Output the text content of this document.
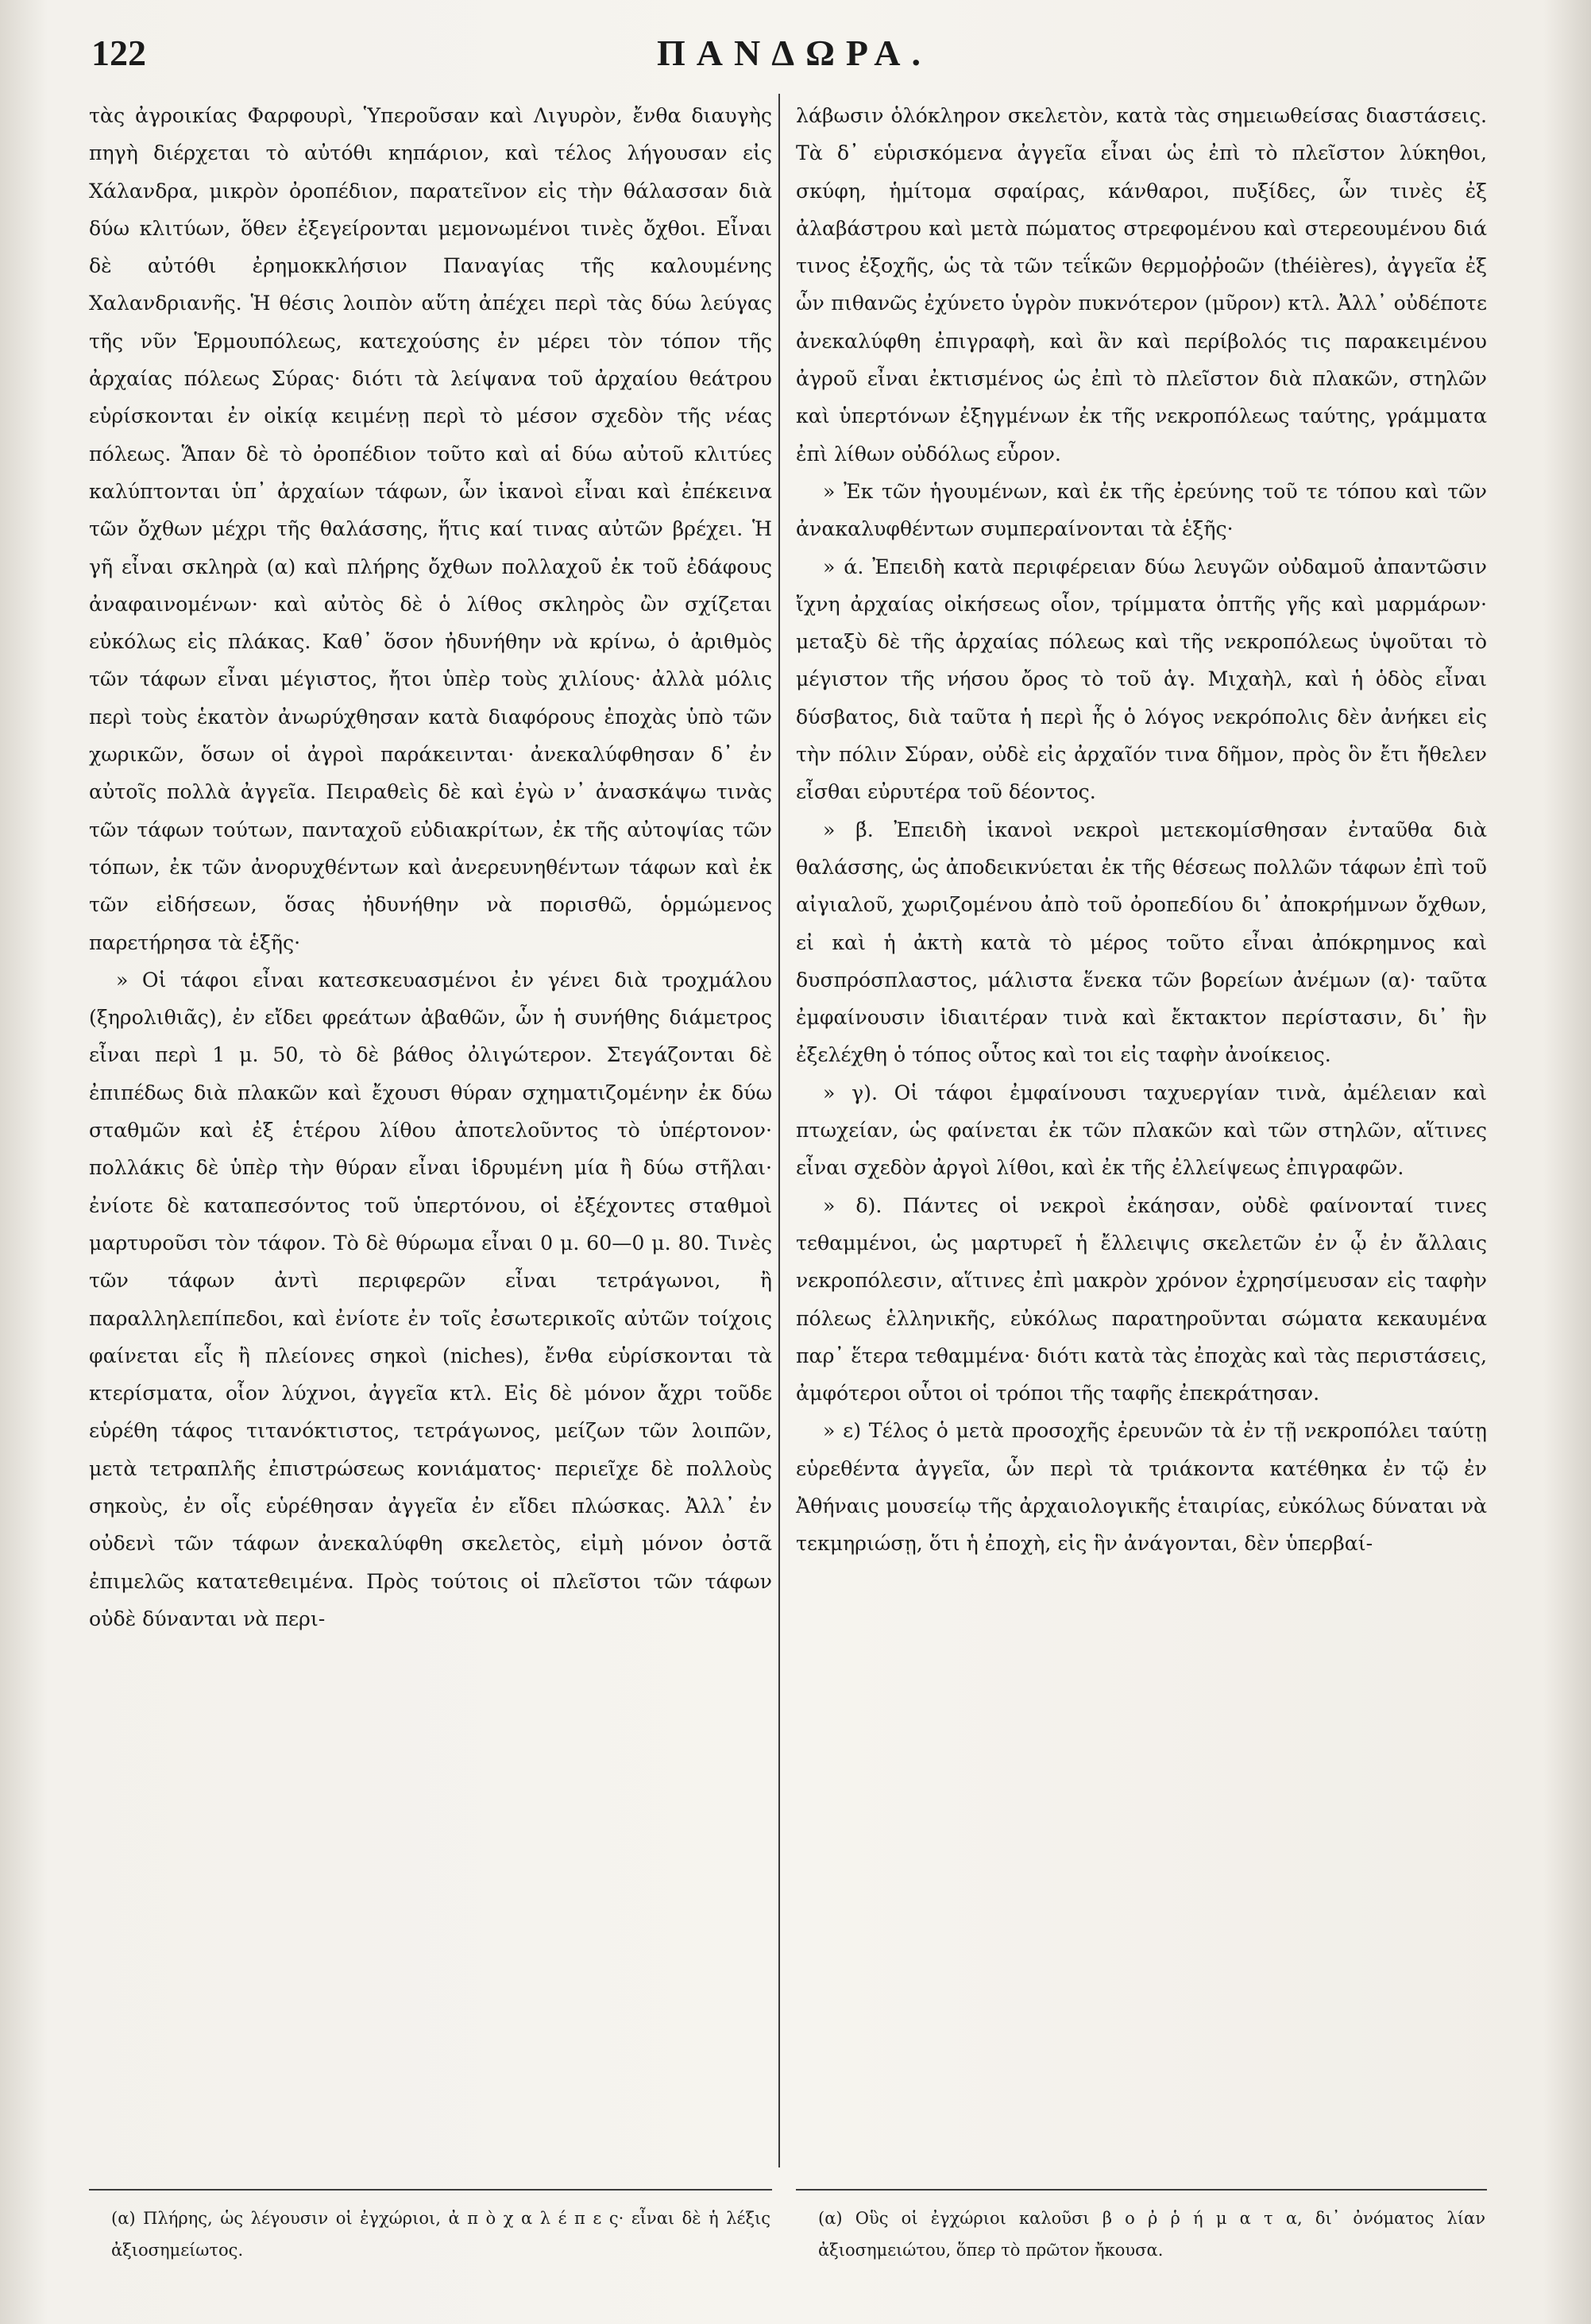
122	ΠΑΝΔΩΡΑ.

τὰς ἀγροικίας Φαρφουρὶ, Ὑπεροῦσαν καὶ Λιγυρὸν, ἔνθα διαυγὴς πηγὴ διέρχεται τὸ αὐτόθι κηπάριον, καὶ τέλος λήγουσαν εἰς Χάλανδρα, μικρὸν ὀροπέδιον, παρατεῖνον εἰς τὴν θάλασσαν διὰ δύω κλιτύων, ὅθεν ἐξεγείρονται μεμονωμένοι τινὲς ὄχθοι. Εἶναι δὲ αὐτόθι ἐρημοκκλήσιον Παναγίας τῆς καλουμένης Χαλανδριανῆς. Ἡ θέσις λοιπὸν αὕτη ἀπέχει περὶ τὰς δύω λεύγας τῆς νῦν Ἑρμουπόλεως, κατεχούσης ἐν μέρει τὸν τόπον τῆς ἀρχαίας πόλεως Σύρας· διότι τὰ λείψανα τοῦ ἀρχαίου θεάτρου εὑρίσκονται ἐν οἰκίᾳ κειμένῃ περὶ τὸ μέσον σχεδὸν τῆς νέας πόλεως. Ἅπαν δὲ τὸ ὀροπέδιον τοῦτο καὶ αἱ δύω αὐτοῦ κλιτύες καλύπτονται ὑπ᾽ ἀρχαίων τάφων, ὧν ἱκανοὶ εἶναι καὶ ἐπέκεινα τῶν ὄχθων μέχρι τῆς θαλάσσης, ἥτις καί τινας αὐτῶν βρέχει. Ἡ γῆ εἶναι σκληρὰ (α) καὶ πλήρης ὄχθων πολλαχοῦ ἐκ τοῦ ἐδάφους ἀναφαινομένων· καὶ αὐτὸς δὲ ὁ λίθος σκληρὸς ὢν σχίζεται εὐκόλως εἰς πλάκας. Καθ᾽ ὅσον ἠδυνήθην νὰ κρίνω, ὁ ἀριθμὸς τῶν τάφων εἶναι μέγιστος, ἤτοι ὑπὲρ τοὺς χιλίους· ἀλλὰ μόλις περὶ τοὺς ἑκατὸν ἀνωρύχθησαν κατὰ διαφόρους ἐποχὰς ὑπὸ τῶν χωρικῶν, ὅσων οἱ ἀγροὶ παράκεινται· ἀνεκαλύφθησαν δ᾽ ἐν αὐτοῖς πολλὰ ἀγγεῖα. Πειραθεὶς δὲ καὶ ἐγὼ ν᾽ ἀνασκάψω τινὰς τῶν τάφων τούτων, πανταχοῦ εὐδιακρίτων, ἐκ τῆς αὐτοψίας τῶν τόπων, ἐκ τῶν ἀνορυχθέντων καὶ ἀνερευνηθέντων τάφων καὶ ἐκ τῶν εἰδήσεων, ὅσας ἠδυνήθην νὰ πορισθῶ, ὁρμώμενος παρετήρησα τὰ ἑξῆς·

» Οἱ τάφοι εἶναι κατεσκευασμένοι ἐν γένει διὰ τροχμάλου (ξηρολιθιᾶς), ἐν εἴδει φρεάτων ἀβαθῶν, ὧν ἡ συνήθης διάμετρος εἶναι περὶ 1 μ. 50, τὸ δὲ βάθος ὀλιγώτερον. Στεγάζονται δὲ ἐπιπέδως διὰ πλακῶν καὶ ἔχουσι θύραν σχηματιζομένην ἐκ δύω σταθμῶν καὶ ἐξ ἑτέρου λίθου ἀποτελοῦντος τὸ ὑπέρτονον· πολλάκις δὲ ὑπὲρ τὴν θύραν εἶναι ἱδρυμένη μία ἢ δύω στῆλαι· ἐνίοτε δὲ καταπεσόντος τοῦ ὑπερτόνου, οἱ ἐξέχοντες σταθμοὶ μαρτυροῦσι τὸν τάφον. Τὸ δὲ θύρωμα εἶναι 0 μ. 60—0 μ. 80. Τινὲς τῶν τάφων ἀντὶ περιφερῶν εἶναι τετράγωνοι, ἢ παραλληλεπίπεδοι, καὶ ἐνίοτε ἐν τοῖς ἐσωτερικοῖς αὐτῶν τοίχοις φαίνεται εἷς ἢ πλείονες σηκοὶ (niches), ἔνθα εὑρίσκονται τὰ κτερίσματα, οἷον λύχνοι, ἀγγεῖα κτλ. Εἰς δὲ μόνον ἄχρι τοῦδε εὑρέθη τάφος τιτανόκτιστος, τετράγωνος, μείζων τῶν λοιπῶν, μετὰ τετραπλῆς ἐπιστρώσεως κονιάματος· περιεῖχε δὲ πολλοὺς σηκοὺς, ἐν οἷς εὑρέθησαν ἀγγεῖα ἐν εἴδει πλώσκας. Ἀλλ᾽ ἐν οὐδενὶ τῶν τάφων ἀνεκαλύφθη σκελετὸς, εἰμὴ μόνον ὀστᾶ ἐπιμελῶς κατατεθειμένα. Πρὸς τούτοις οἱ πλεῖστοι τῶν τάφων οὐδὲ δύνανται νὰ περι-

λάβωσιν ὁλόκληρον σκελετὸν, κατὰ τὰς σημειωθείσας διαστάσεις. Τὰ δ᾽ εὑρισκόμενα ἀγγεῖα εἶναι ὡς ἐπὶ τὸ πλεῖστον λύκηθοι, σκύφη, ἡμίτομα σφαίρας, κάνθαροι, πυξίδες, ὧν τινὲς ἐξ ἀλαβάστρου καὶ μετὰ πώματος στρεφομένου καὶ στερεουμένου διά τινος ἐξοχῆς, ὡς τὰ τῶν τεΐκῶν θερμοῤῥοῶν (théières), ἀγγεῖα ἐξ ὧν πιθανῶς ἐχύνετο ὑγρὸν πυκνότερον (μῦρον) κτλ. Ἀλλ᾽ οὐδέποτε ἀνεκαλύφθη ἐπιγραφὴ, καὶ ἂν καὶ περίβολός τις παρακειμένου ἀγροῦ εἶναι ἐκτισμένος ὡς ἐπὶ τὸ πλεῖστον διὰ πλακῶν, στηλῶν καὶ ὑπερτόνων ἐξηγμένων ἐκ τῆς νεκροπόλεως ταύτης, γράμματα ἐπὶ λίθων οὐδόλως εὗρον.

» Ἐκ τῶν ἡγουμένων, καὶ ἐκ τῆς ἐρεύνης τοῦ τε τόπου καὶ τῶν ἀνακαλυφθέντων συμπεραίνονται τὰ ἑξῆς·

» ά. Ἐπειδὴ κατὰ περιφέρειαν δύω λευγῶν οὐδαμοῦ ἀπαντῶσιν ἴχνη ἀρχαίας οἰκήσεως οἷον, τρίμματα ὀπτῆς γῆς καὶ μαρμάρων· μεταξὺ δὲ τῆς ἀρχαίας πόλεως καὶ τῆς νεκροπόλεως ὑψοῦται τὸ μέγιστον τῆς νήσου ὄρος τὸ τοῦ ἁγ. Μιχαὴλ, καὶ ἡ ὁδὸς εἶναι δύσβατος, διὰ ταῦτα ἡ περὶ ἧς ὁ λόγος νεκρόπολις δὲν ἀνήκει εἰς τὴν πόλιν Σύραν, οὐδὲ εἰς ἀρχαῖόν τινα δῆμον, πρὸς ὃν ἔτι ἤθελεν εἶσθαι εὐρυτέρα τοῦ δέοντος.

» β́. Ἐπειδὴ ἱκανοὶ νεκροὶ μετεκομίσθησαν ἐνταῦθα διὰ θαλάσσης, ὡς ἀποδεικνύεται ἐκ τῆς θέσεως πολλῶν τάφων ἐπὶ τοῦ αἰγιαλοῦ, χωριζομένου ἀπὸ τοῦ ὀροπεδίου δι᾽ ἀποκρήμνων ὄχθων, εἰ καὶ ἡ ἀκτὴ κατὰ τὸ μέρος τοῦτο εἶναι ἀπόκρημνος καὶ δυσπρόσπλαστος, μάλιστα ἕνεκα τῶν βορείων ἀνέμων (α)· ταῦτα ἐμφαίνουσιν ἰδιαιτέραν τινὰ καὶ ἔκτακτον περίστασιν, δι᾽ ἣν ἐξελέχθη ὁ τόπος οὗτος καὶ τοι εἰς ταφὴν ἀνοίκειος.

» γ). Οἱ τάφοι ἐμφαίνουσι ταχυεργίαν τινὰ, ἀμέλειαν καὶ πτωχείαν, ὡς φαίνεται ἐκ τῶν πλακῶν καὶ τῶν στηλῶν, αἵτινες εἶναι σχεδὸν ἀργοὶ λίθοι, καὶ ἐκ τῆς ἐλλείψεως ἐπιγραφῶν.

» δ). Πάντες οἱ νεκροὶ ἐκάησαν, οὐδὲ φαίνονταί τινες τεθαμμένοι, ὡς μαρτυρεῖ ἡ ἔλλειψις σκελετῶν ἐν ᾧ ἐν ἄλλαις νεκροπόλεσιν, αἵτινες ἐπὶ μακρὸν χρόνον ἐχρησίμευσαν εἰς ταφὴν πόλεως ἑλληνικῆς, εὐκόλως παρατηροῦνται σώματα κεκαυμένα παρ᾽ ἕτερα τεθαμμένα· διότι κατὰ τὰς ἐποχὰς καὶ τὰς περιστάσεις, ἀμφότεροι οὗτοι οἱ τρόποι τῆς ταφῆς ἐπεκράτησαν.

» ε) Τέλος ὁ μετὰ προσοχῆς ἐρευνῶν τὰ ἐν τῇ νεκροπόλει ταύτῃ εὑρεθέντα ἀγγεῖα, ὧν περὶ τὰ τριάκοντα κατέθηκα ἐν τῷ ἐν Ἀθήναις μουσείῳ τῆς ἀρχαιολογικῆς ἑταιρίας, εὐκόλως δύναται νὰ τεκμηριώσῃ, ὅτι ἡ ἐποχὴ, εἰς ἣν ἀνάγονται, δὲν ὑπερβαί-

(α) Πλήρης, ὡς λέγουσιν οἱ ἐγχώριοι, ἀ π ὸ χ α λ έ π ε ς· εἶναι δὲ ἡ λέξις ἀξιοσημείωτος.

(α) Οὓς οἱ ἐγχώριοι καλοῦσι β ο ῤ ῥ ή μ α τ α, δι᾽ ὀνόματος λίαν ἀξιοσημειώτου, ὅπερ τὸ πρῶτον ἤκουσα.
